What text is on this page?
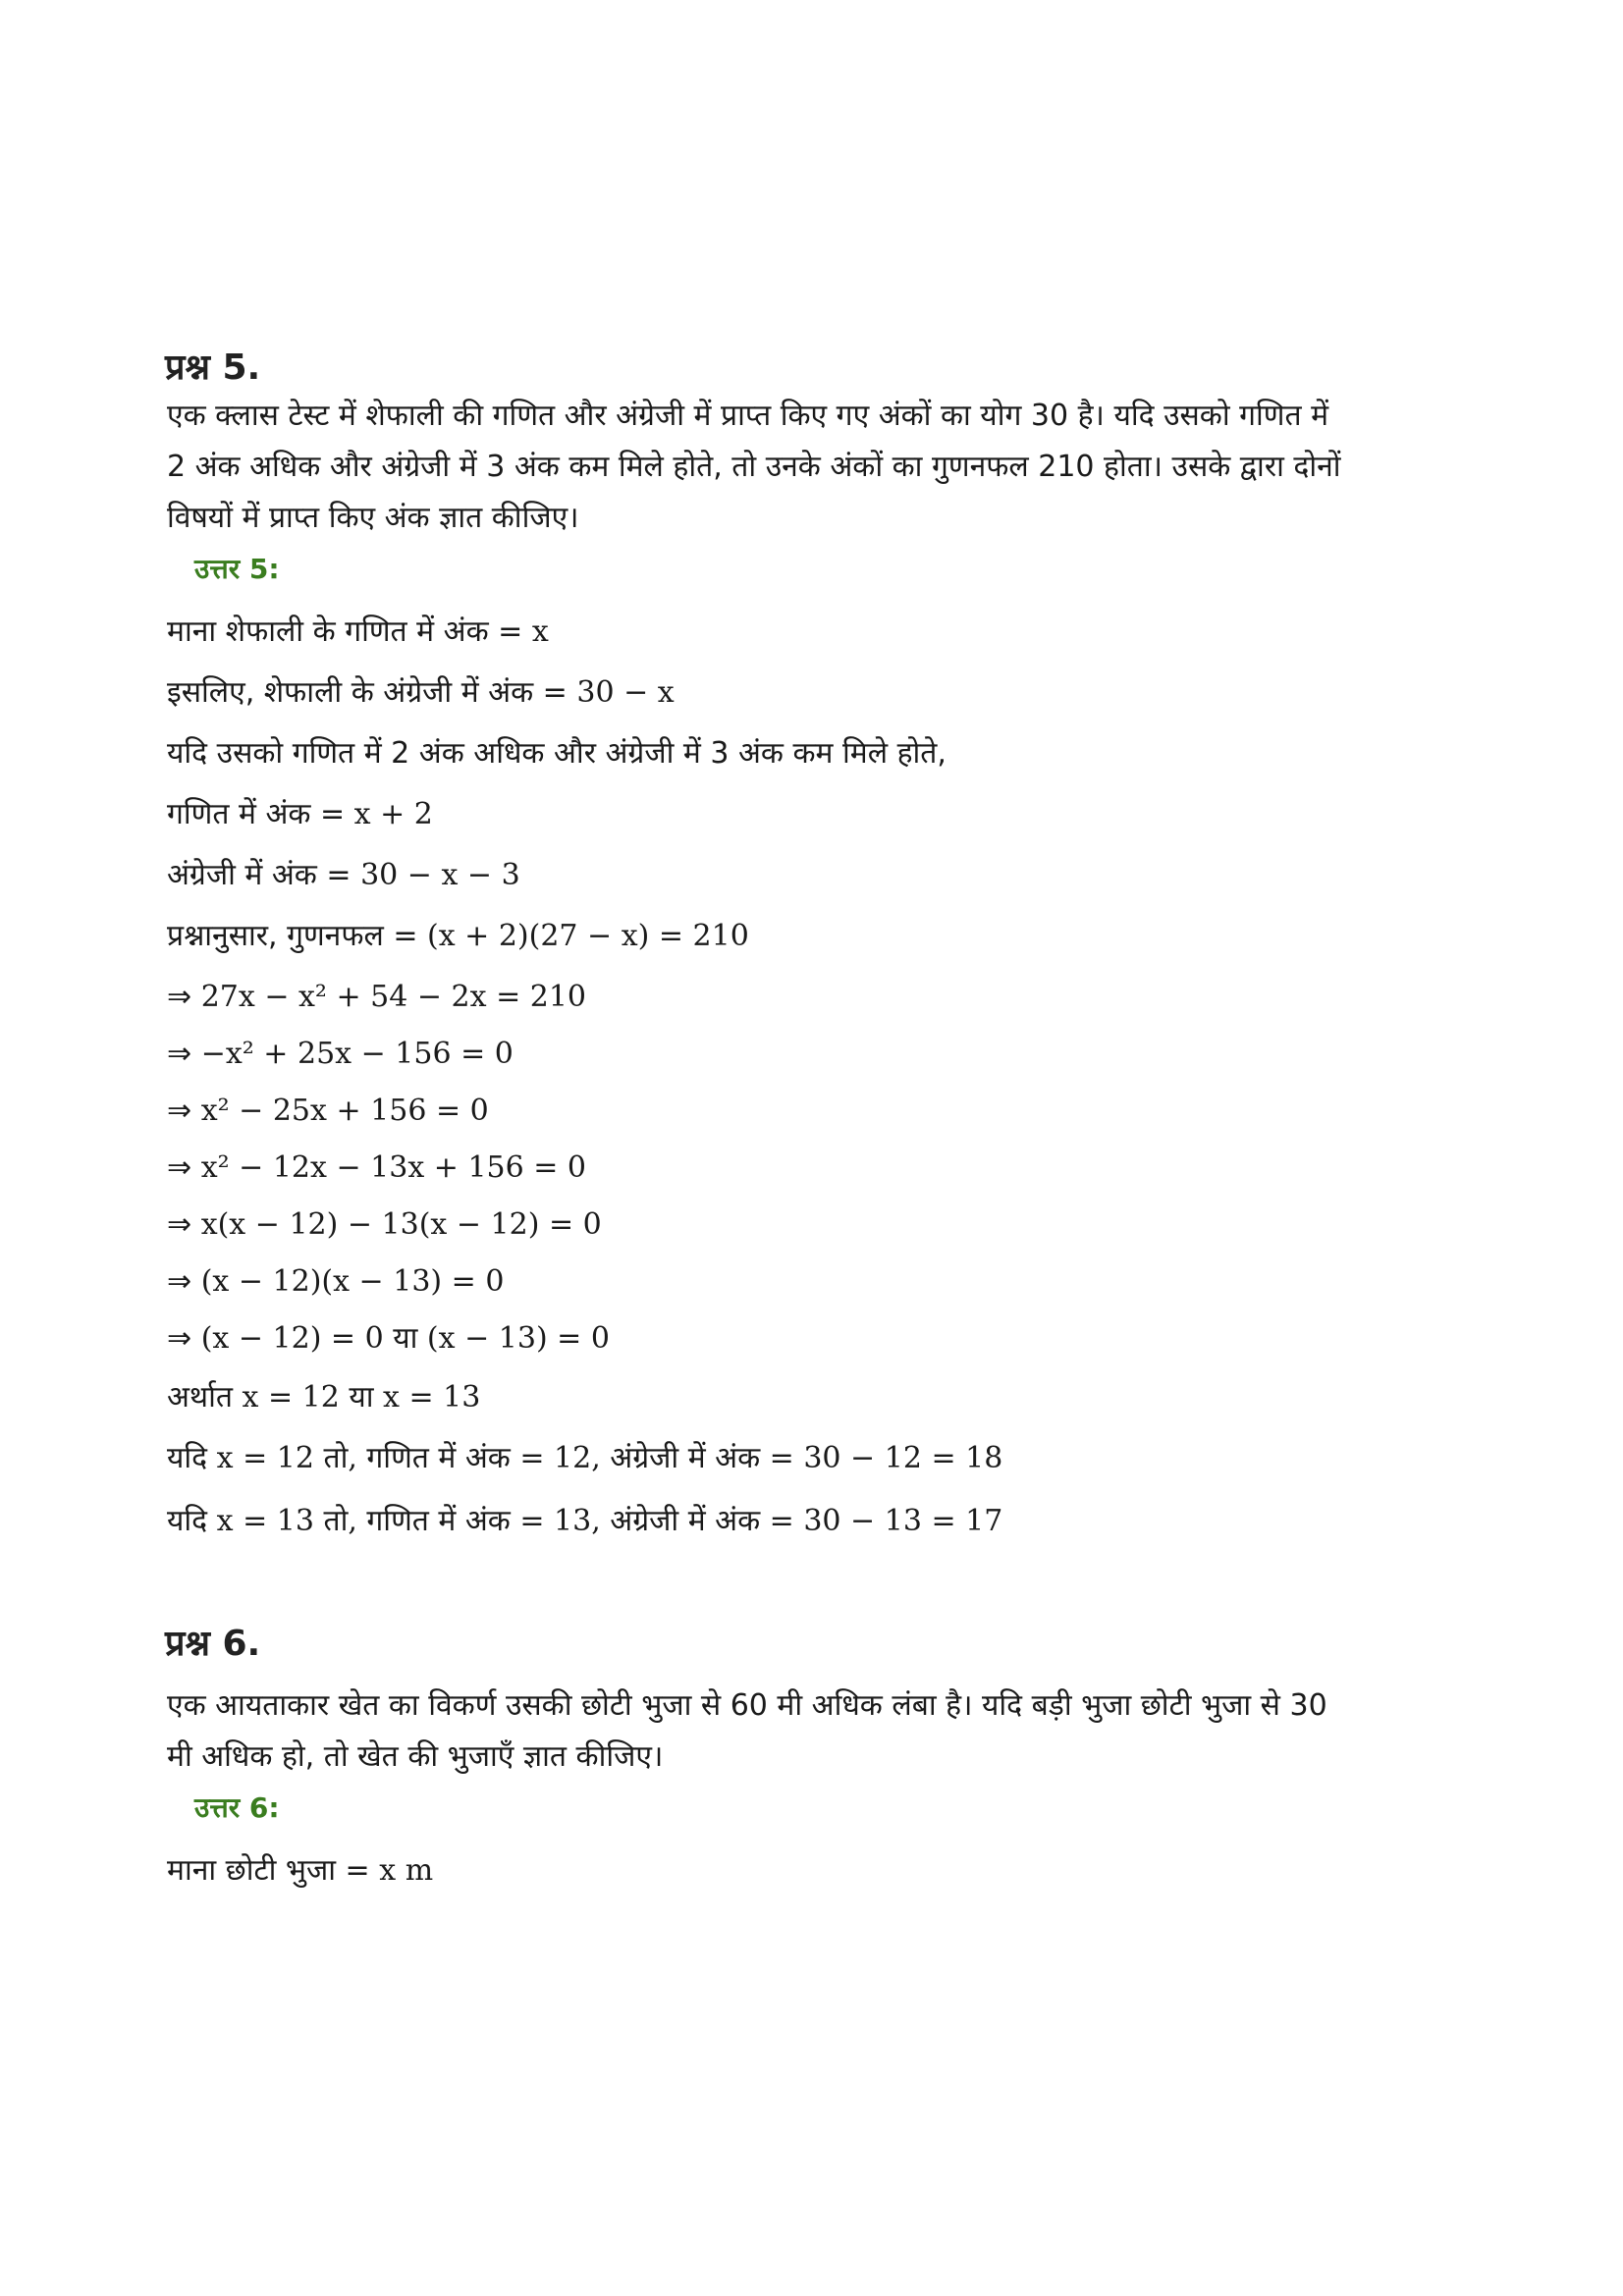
प्रश्न 5.

एक क्लास टेस्ट में शेफाली की गणित और अंग्रेजी में प्राप्त किए गए अंकों का योग 30 है। यदि उसको गणित में 2 अंक अधिक और अंग्रेजी में 3 अंक कम मिले होते, तो उनके अंकों का गुणनफल 210 होता। उसके द्वारा दोनों विषयों में प्राप्त किए अंक ज्ञात कीजिए।

उत्तर 5:
माना शेफाली के गणित में अंक = x
इसलिए, शेफाली के अंग्रेजी में अंक = 30 − x
यदि उसको गणित में 2 अंक अधिक और अंग्रेजी में 3 अंक कम मिले होते,
गणित में अंक = x + 2
अंग्रेजी में अंक = 30 − x − 3
प्रश्नानुसार, गुणनफल = (x + 2)(27 − x) = 210
⇒ 27x − x² + 54 − 2x = 210
⇒ −x² + 25x − 156 = 0
⇒ x² − 25x + 156 = 0
⇒ x² − 12x − 13x + 156 = 0
⇒ x(x − 12) − 13(x − 12) = 0
⇒ (x − 12)(x − 13) = 0
⇒ (x − 12) = 0 या (x − 13) = 0
अर्थात x = 12 या x = 13
यदि x = 12 तो, गणित में अंक = 12, अंग्रेजी में अंक = 30 − 12 = 18
यदि x = 13 तो, गणित में अंक = 13, अंग्रेजी में अंक = 30 − 13 = 17
प्रश्न 6.

एक आयताकार खेत का विकर्ण उसकी छोटी भुजा से 60 मी अधिक लंबा है। यदि बड़ी भुजा छोटी भुजा से 30 मी अधिक हो, तो खेत की भुजाएँ ज्ञात कीजिए।

उत्तर 6:
माना छोटी भुजा = x m
